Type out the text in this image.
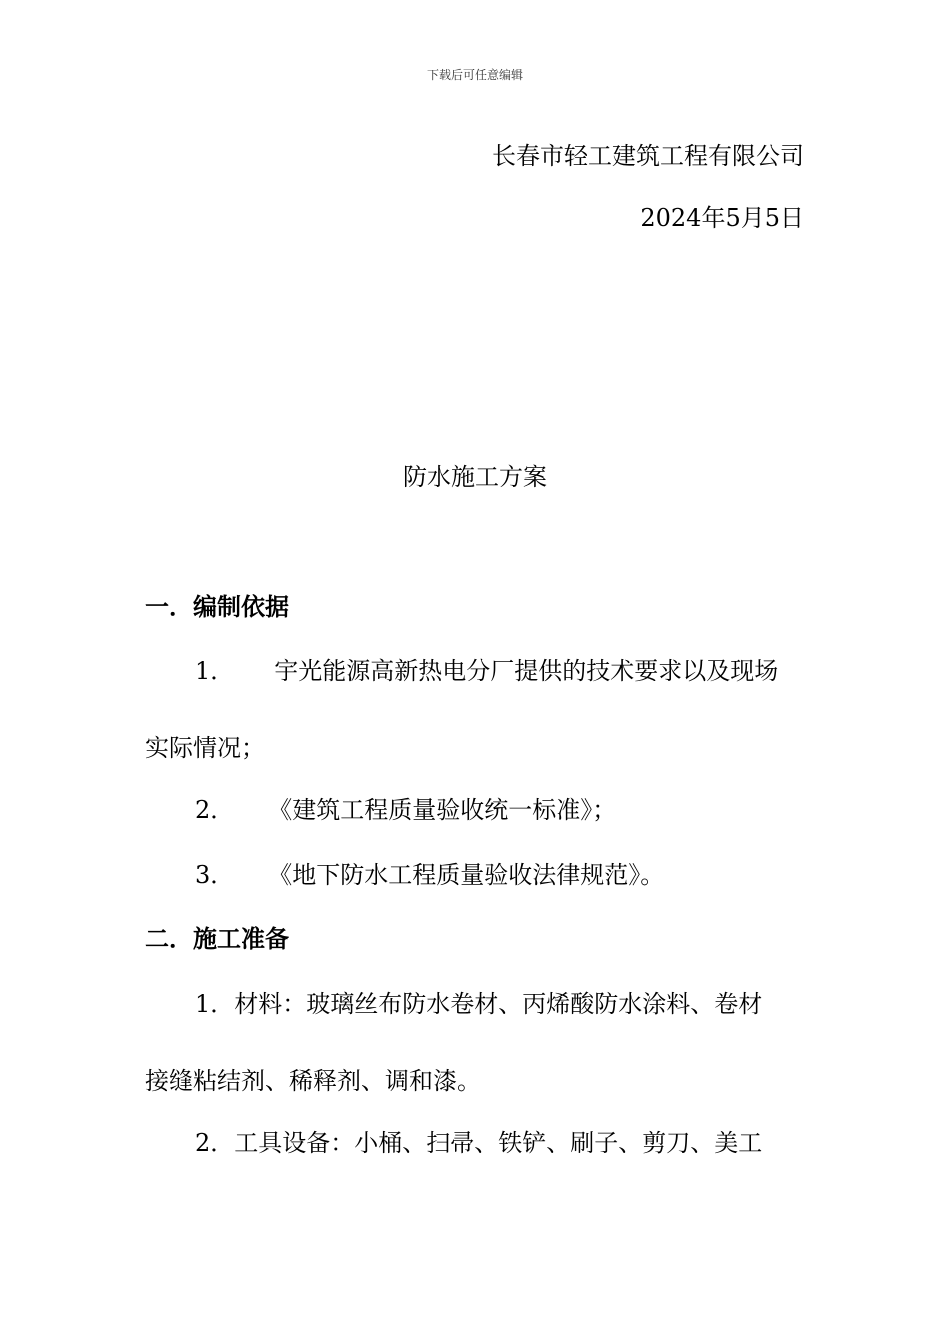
下载后可任意编辑
长春市轻工建筑工程有限公司
2024年5月5日
防水施工方案
一．编制依据
1． 宇光能源高新热电分厂提供的技术要求以及现场
实际情况；
2． 《建筑工程质量验收统一标准》；
3． 《地下防水工程质量验收法律规范》。
二．施工准备
1．材料：玻璃丝布防水卷材、丙烯酸防水涂料、卷材
接缝粘结剂、稀释剂、调和漆。
2．工具设备：小桶、扫帚、铁铲、刷子、剪刀、美工
